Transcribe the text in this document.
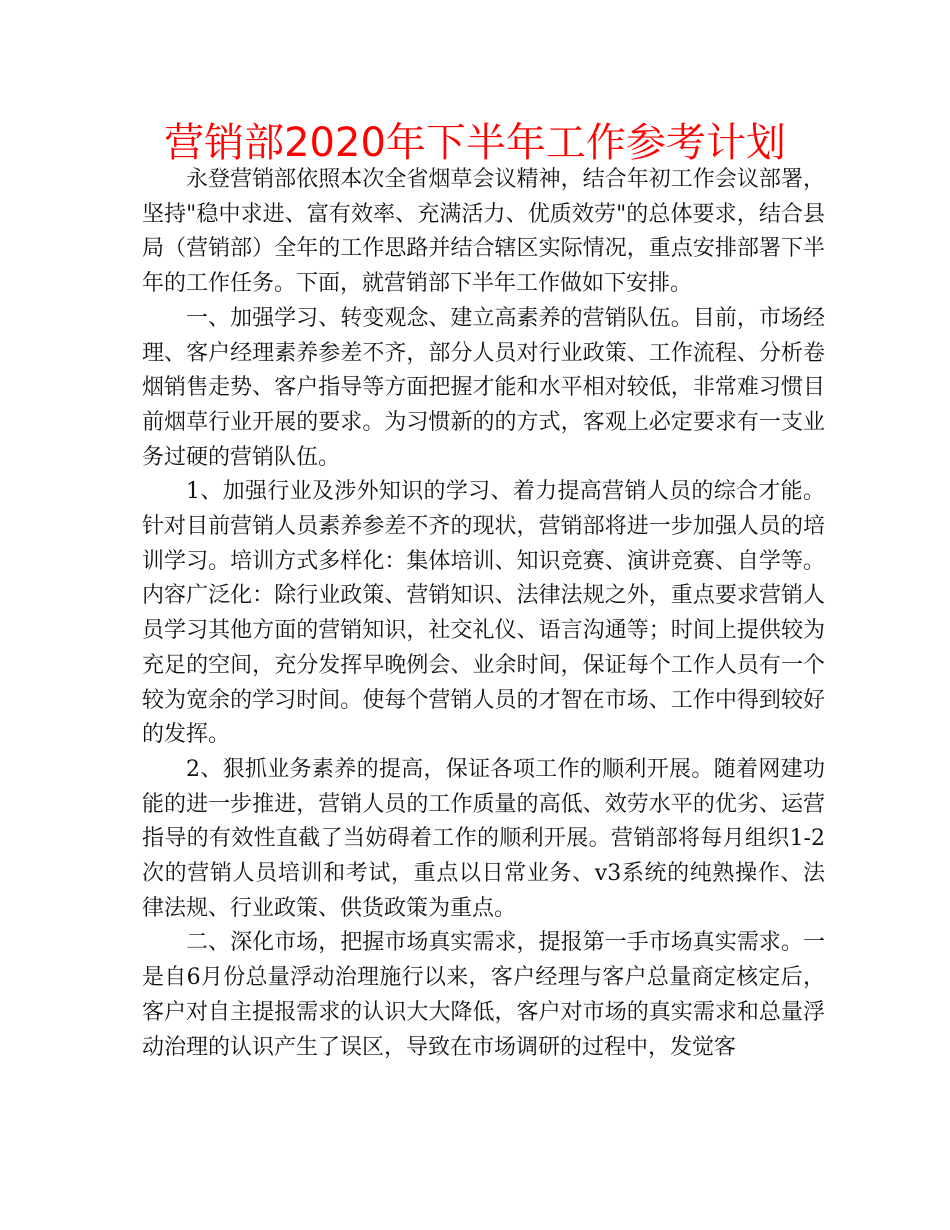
营销部2020年下半年工作参考计划

永登营销部依照本次全省烟草会议精神，结合年初工作会议部署，坚持"稳中求进、富有效率、充满活力、优质效劳"的总体要求，结合县局（营销部）全年的工作思路并结合辖区实际情况，重点安排部署下半年的工作任务。下面，就营销部下半年工作做如下安排。

一、加强学习、转变观念、建立高素养的营销队伍。目前，市场经理、客户经理素养参差不齐，部分人员对行业政策、工作流程、分析卷烟销售走势、客户指导等方面把握才能和水平相对较低，非常难习惯目前烟草行业开展的要求。为习惯新的的方式，客观上必定要求有一支业务过硬的营销队伍。

1、加强行业及涉外知识的学习、着力提高营销人员的综合才能。针对目前营销人员素养参差不齐的现状，营销部将进一步加强人员的培训学习。培训方式多样化：集体培训、知识竞赛、演讲竞赛、自学等。内容广泛化：除行业政策、营销知识、法律法规之外，重点要求营销人员学习其他方面的营销知识，社交礼仪、语言沟通等；时间上提供较为充足的空间，充分发挥早晚例会、业余时间，保证每个工作人员有一个较为宽余的学习时间。使每个营销人员的才智在市场、工作中得到较好的发挥。

2、狠抓业务素养的提高，保证各项工作的顺利开展。随着网建功能的进一步推进，营销人员的工作质量的高低、效劳水平的优劣、运营指导的有效性直截了当妨碍着工作的顺利开展。营销部将每月组织1-2次的营销人员培训和考试，重点以日常业务、v3系统的纯熟操作、法律法规、行业政策、供货政策为重点。

二、深化市场，把握市场真实需求，提报第一手市场真实需求。一是自6月份总量浮动治理施行以来，客户经理与客户总量商定核定后，客户对自主提报需求的认识大大降低，客户对市场的真实需求和总量浮动治理的认识产生了误区，导致在市场调研的过程中，发觉客
